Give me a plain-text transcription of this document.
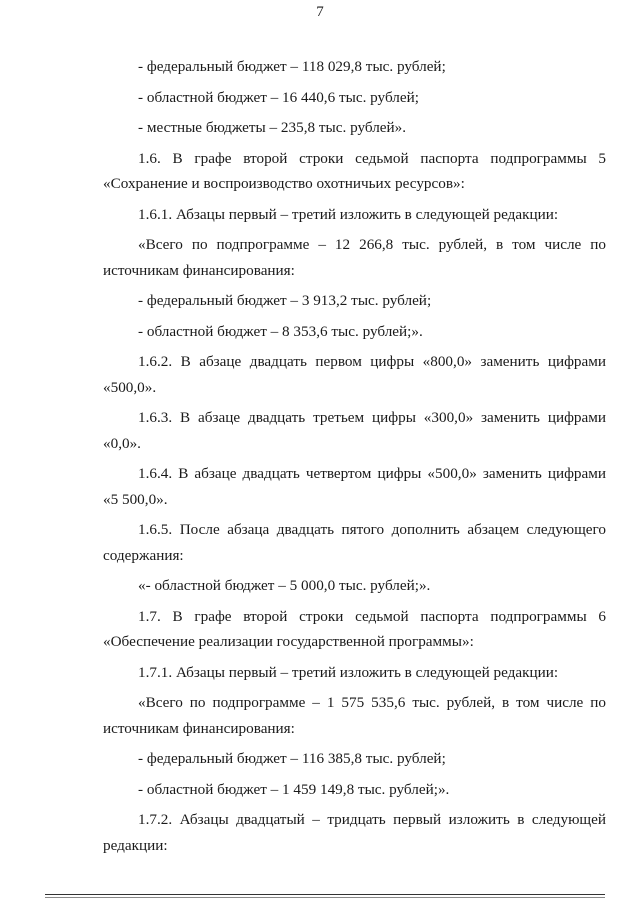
7

- федеральный бюджет – 118 029,8 тыс. рублей;

- областной бюджет – 16 440,6 тыс. рублей;

- местные бюджеты – 235,8 тыс. рублей».

1.6. В графе второй строки седьмой паспорта подпрограммы 5 «Сохранение и воспроизводство охотничьих ресурсов»:

1.6.1. Абзацы первый – третий изложить в следующей редакции:

«Всего по подпрограмме – 12 266,8 тыс. рублей, в том числе по источникам финансирования:

- федеральный бюджет – 3 913,2 тыс. рублей;

- областной бюджет – 8 353,6 тыс. рублей;».

1.6.2. В абзаце двадцать первом цифры «800,0» заменить цифрами «500,0».

1.6.3. В абзаце двадцать третьем цифры «300,0» заменить цифрами «0,0».

1.6.4. В абзаце двадцать четвертом цифры «500,0» заменить цифрами «5 500,0».

1.6.5. После абзаца двадцать пятого дополнить абзацем следующего содержания:

«- областной бюджет – 5 000,0 тыс. рублей;».

1.7. В графе второй строки седьмой паспорта подпрограммы 6 «Обеспечение реализации государственной программы»:

1.7.1. Абзацы первый – третий изложить в следующей редакции:

«Всего по подпрограмме – 1 575 535,6 тыс. рублей, в том числе по источникам финансирования:

- федеральный бюджет – 116 385,8 тыс. рублей;

- областной бюджет – 1 459 149,8 тыс. рублей;».

1.7.2. Абзацы двадцатый – тридцать первый изложить в следующей редакции:
